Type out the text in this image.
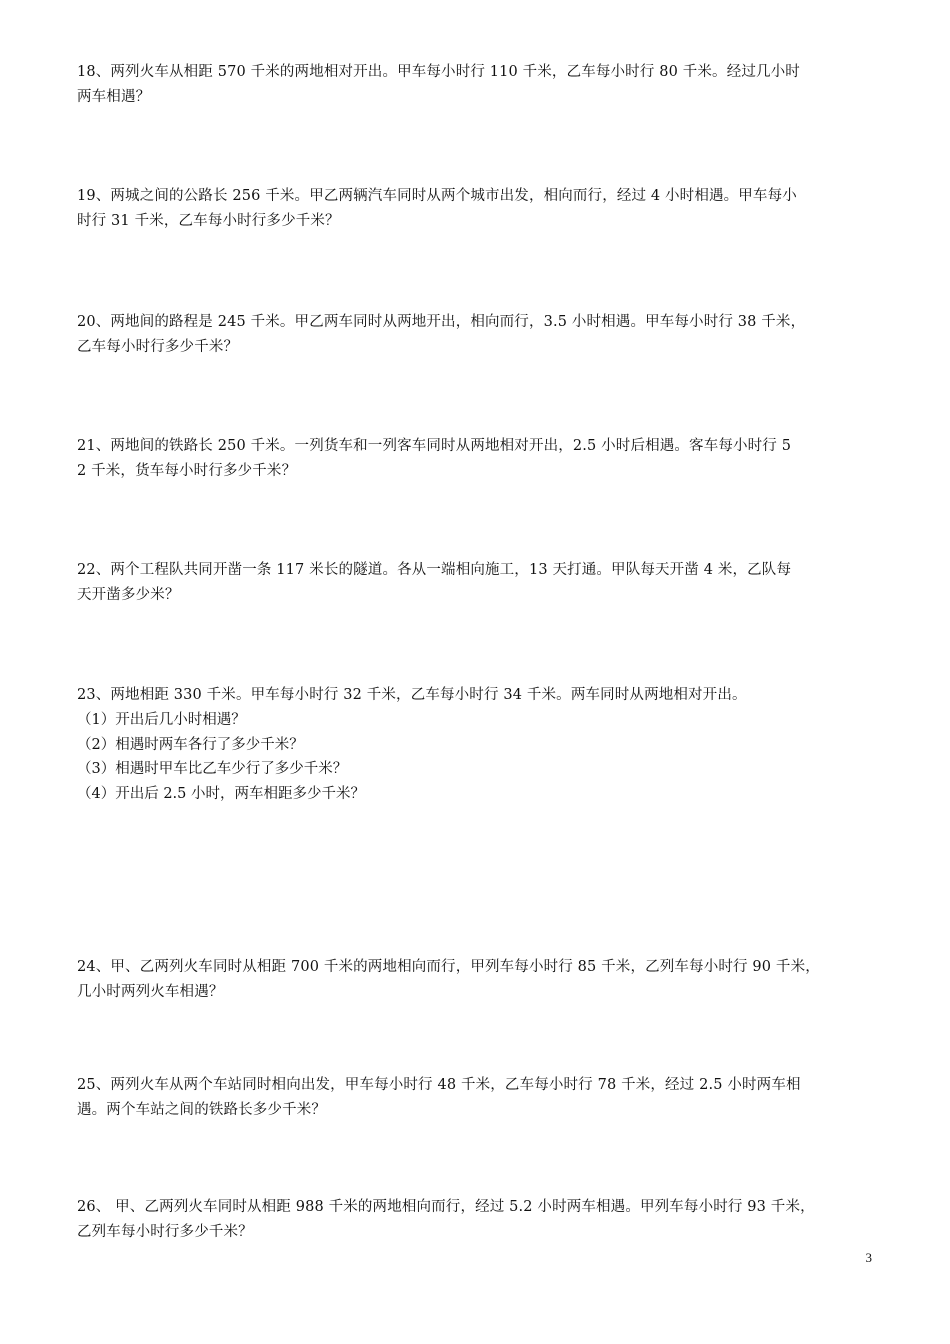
18、两列火车从相距 570 千米的两地相对开出。甲车每小时行 110 千米，乙车每小时行 80 千米。经过几小时
两车相遇？
19、两城之间的公路长 256 千米。甲乙两辆汽车同时从两个城市出发，相向而行，经过 4 小时相遇。甲车每小
时行 31 千米，乙车每小时行多少千米？
20、两地间的路程是 245 千米。甲乙两车同时从两地开出，相向而行，3.5 小时相遇。甲车每小时行 38 千米，
乙车每小时行多少千米？
21、两地间的铁路长 250 千米。一列货车和一列客车同时从两地相对开出，2.5 小时后相遇。客车每小时行 5
2 千米，货车每小时行多少千米？
22、两个工程队共同开凿一条 117 米长的隧道。各从一端相向施工，13 天打通。甲队每天开凿 4 米，乙队每
天开凿多少米？
23、两地相距 330 千米。甲车每小时行 32 千米，乙车每小时行 34 千米。两车同时从两地相对开出。
（1）开出后几小时相遇？
（2）相遇时两车各行了多少千米？
（3）相遇时甲车比乙车少行了多少千米？
（4）开出后 2.5 小时，两车相距多少千米？
24、甲、乙两列火车同时从相距 700 千米的两地相向而行，甲列车每小时行 85 千米，乙列车每小时行 90 千米，
几小时两列火车相遇？
25、两列火车从两个车站同时相向出发，甲车每小时行 48 千米，乙车每小时行 78 千米，经过 2.5 小时两车相
遇。两个车站之间的铁路长多少千米？
26、 甲、乙两列火车同时从相距 988 千米的两地相向而行，经过 5.2 小时两车相遇。甲列车每小时行 93 千米，
乙列车每小时行多少千米？
3
